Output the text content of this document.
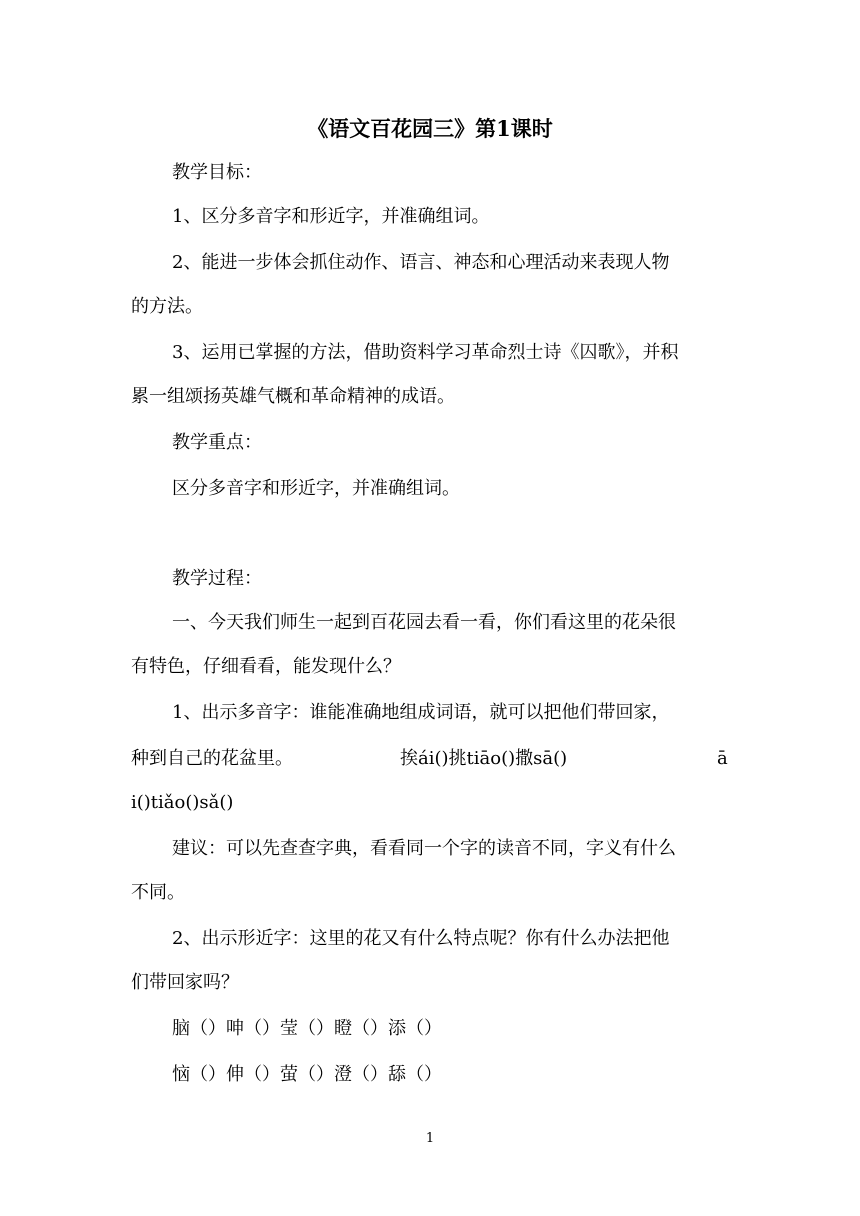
《语文百花园三》第1课时
教学目标：
1、区分多音字和形近字，并准确组词。
2、能进一步体会抓住动作、语言、神态和心理活动来表现人物
的方法。
3、运用已掌握的方法，借助资料学习革命烈士诗《囚歌》，并积
累一组颂扬英雄气概和革命精神的成语。
教学重点：
区分多音字和形近字，并准确组词。
教学过程：
一、今天我们师生一起到百花园去看一看，你们看这里的花朵很
有特色，仔细看看，能发现什么？
1、出示多音字：谁能准确地组成词语，就可以把他们带回家，
种到自己的花盆里。	挨ái()挑tiāo()撒sā()	ā
i()tiǎo()sǎ()
建议：可以先查查字典，看看同一个字的读音不同，字义有什么
不同。
2、出示形近字：这里的花又有什么特点呢？你有什么办法把他
们带回家吗？
脑（）呻（）莹（）瞪（）添（）
恼（）伸（）萤（）澄（）舔（）
1
